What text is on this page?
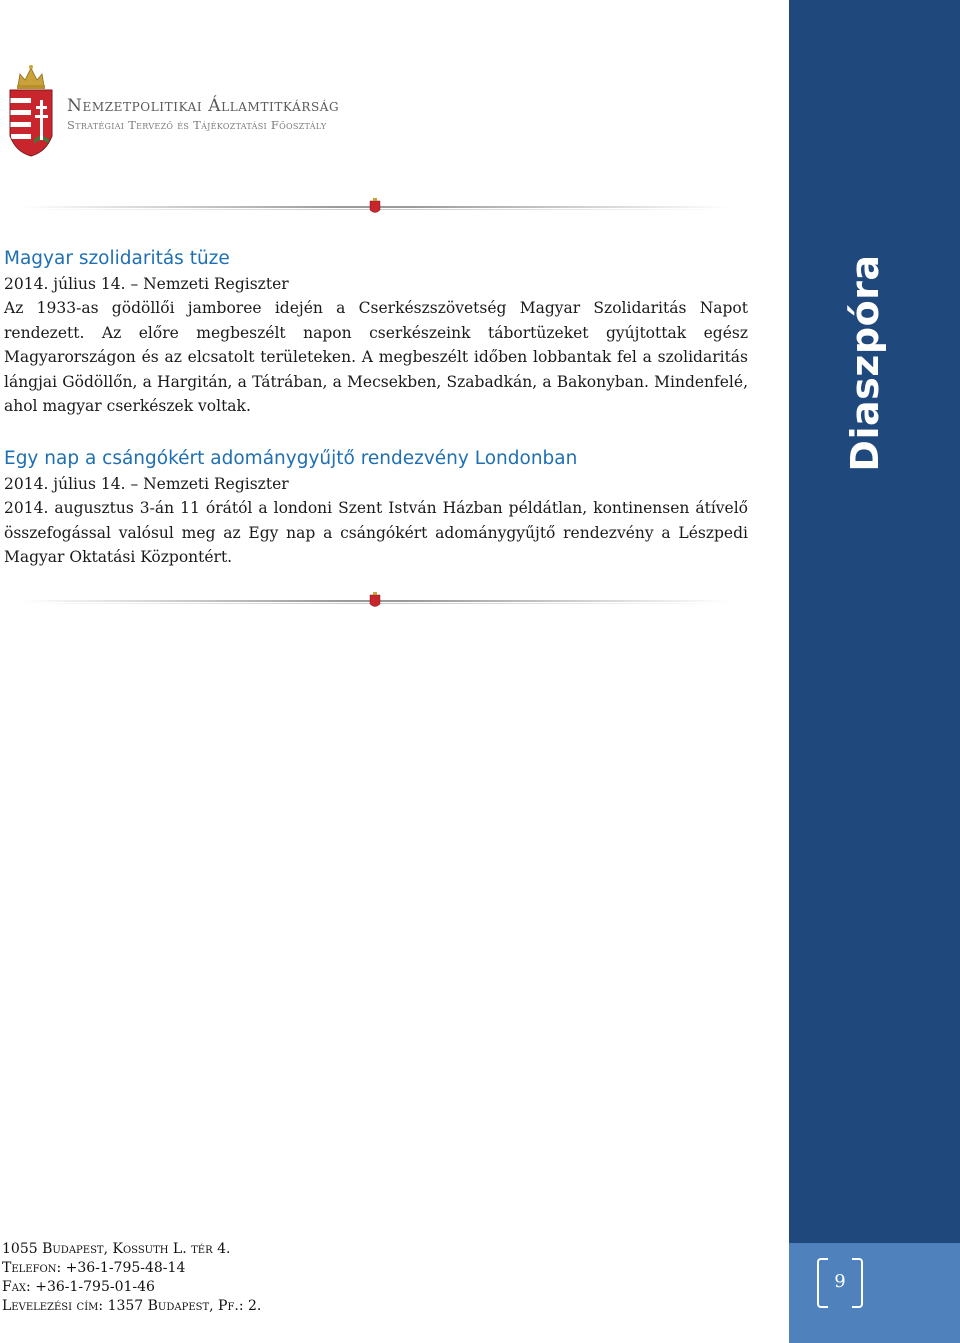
Diaszpóra
9
Nemzetpolitikai Államtitkárság
Stratégiai Tervező és Tájékoztatási Főosztály
Magyar szolidaritás tüze

2014. július 14. – Nemzeti Regiszter

Az 1933-as gödöllői jamboree idején a Cserkészszövetség Magyar Szolidaritás Napot rendezett. Az előre megbeszélt napon cserkészeink tábortüzeket gyújtottak egész Magyarországon és az elcsatolt területeken. A megbeszélt időben lobbantak fel a szolidaritás lángjai Gödöllőn, a Hargitán, a Tátrában, a Mecsekben, Szabadkán, a Bakonyban. Mindenfelé, ahol magyar cserkészek voltak.

Egy nap a csángókért adománygyűjtő rendezvény Londonban

2014. július 14. – Nemzeti Regiszter

2014. augusztus 3-án 11 órától a londoni Szent István Házban példátlan, kontinensen átívelő összefogással valósul meg az Egy nap a csángókért adománygyűjtő rendezvény a Lészpedi Magyar Oktatási Központért.

1055 Budapest, Kossuth L. tér 4.
Telefon: +36-1-795-48-14
Fax: +36-1-795-01-46
Levelezési cím: 1357 Budapest, Pf.: 2.
